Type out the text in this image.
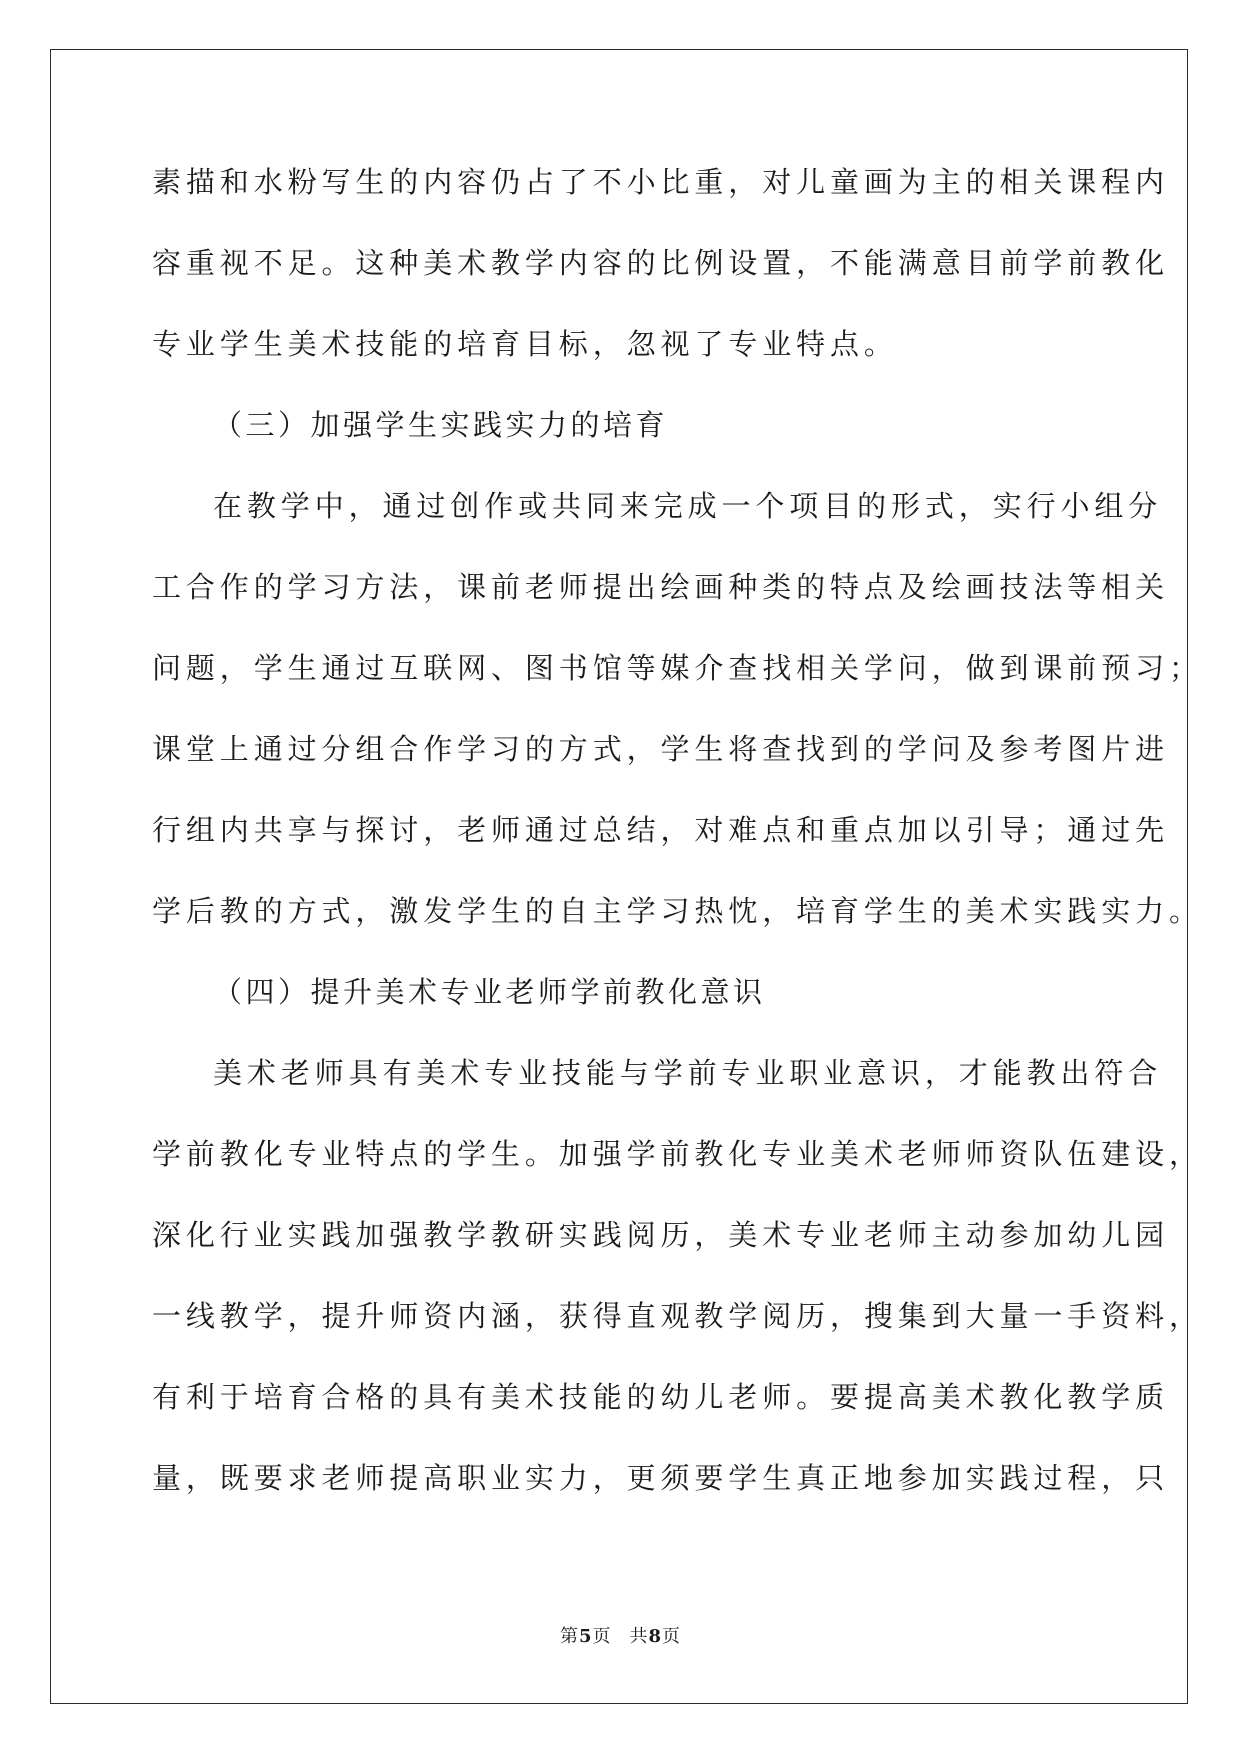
素描和水粉写生的内容仍占了不小比重，对儿童画为主的相关课程内
容重视不足。这种美术教学内容的比例设置，不能满意目前学前教化
专业学生美术技能的培育目标，忽视了专业特点。
（三）加强学生实践实力的培育
在教学中，通过创作或共同来完成一个项目的形式，实行小组分
工合作的学习方法，课前老师提出绘画种类的特点及绘画技法等相关
问题，学生通过互联网、图书馆等媒介查找相关学问，做到课前预习；
课堂上通过分组合作学习的方式，学生将查找到的学问及参考图片进
行组内共享与探讨，老师通过总结，对难点和重点加以引导；通过先
学后教的方式，激发学生的自主学习热忱，培育学生的美术实践实力。
（四）提升美术专业老师学前教化意识
美术老师具有美术专业技能与学前专业职业意识，才能教出符合
学前教化专业特点的学生。加强学前教化专业美术老师师资队伍建设，
深化行业实践加强教学教研实践阅历，美术专业老师主动参加幼儿园
一线教学，提升师资内涵，获得直观教学阅历，搜集到大量一手资料，
有利于培育合格的具有美术技能的幼儿老师。要提高美术教化教学质
量，既要求老师提高职业实力，更须要学生真正地参加实践过程，只
第5页 共8页
